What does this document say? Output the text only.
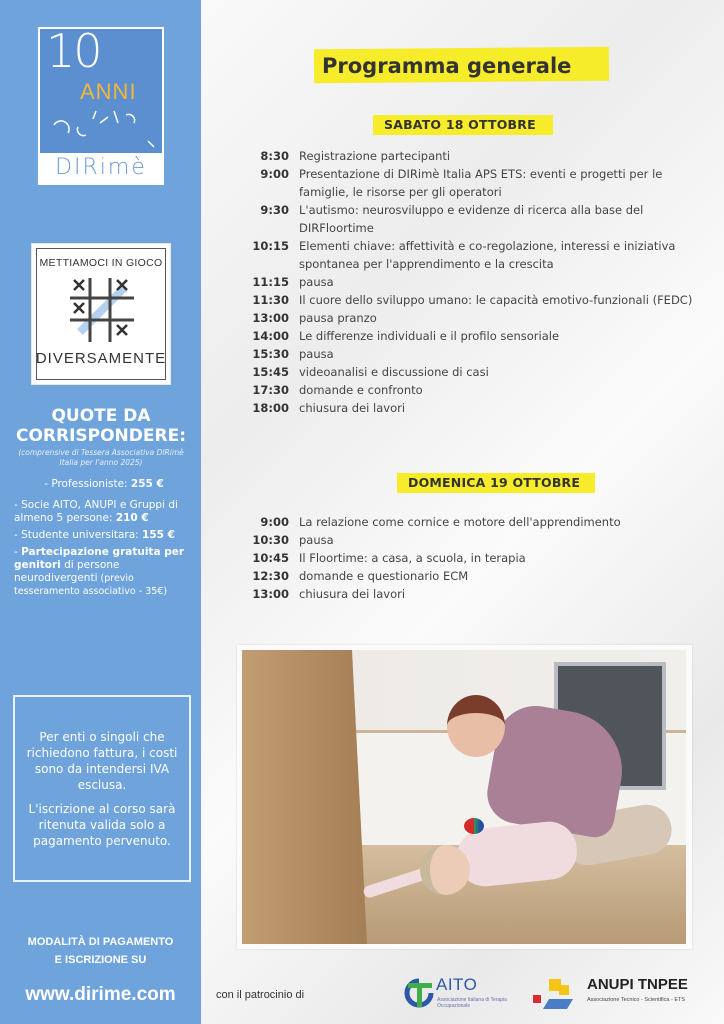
10
ANNI
DIRimè
METTIAMOCI IN GIOCO
DIVERSAMENTE
QUOTE DA CORRISPONDERE:
(comprensive di Tessera Associativa DIRimè Italia per l'anno 2025)
- Professioniste: 255 €
- Socie AITO, ANUPI e Gruppi di almeno 5 persone: 210 €
- Studente universitara: 155 €
- Partecipazione gratuita per genitori di persone neurodivergenti (previo tesseramento associativo - 35€)

Per enti o singoli che richiedono fattura, i costi sono da intendersi IVA esclusa.

L'iscrizione al corso sarà ritenuta valida solo a pagamento pervenuto.

MODALITÀ DI PAGAMENTO
E ISCRIZIONE SU
www.dirime.com
Programma generale
SABATO 18 OTTOBRE
8:30 Registrazione partecipanti
9:00 Presentazione di DIRimè Italia APS ETS: eventi e progetti per le famiglie, le risorse per gli operatori
9:30 L'autismo: neurosviluppo e evidenze di ricerca alla base del DIRFloortime
10:15 Elementi chiave: affettività e co-regolazione, interessi e iniziativa spontanea per l'apprendimento e la crescita
11:15 pausa
11:30 Il cuore dello sviluppo umano: le capacità emotivo-funzionali (FEDC)
13:00 pausa pranzo
14:00 Le differenze individuali e il profilo sensoriale
15:30 pausa
15:45 videoanalisi e discussione di casi
17:30 domande e confronto
18:00 chiusura dei lavori
DOMENICA 19 OTTOBRE
9:00 La relazione come cornice e motore dell'apprendimento
10:30 pausa
10:45 Il Floortime: a casa, a scuola, in terapia
12:30 domande e questionario ECM
13:00 chiusura dei lavori
con il patrocinio di
AITO
Associazione Italiana di Terapia Occupazionale
ANUPI TNPEE
Associazione Tecnico - Scientifica - ETS
